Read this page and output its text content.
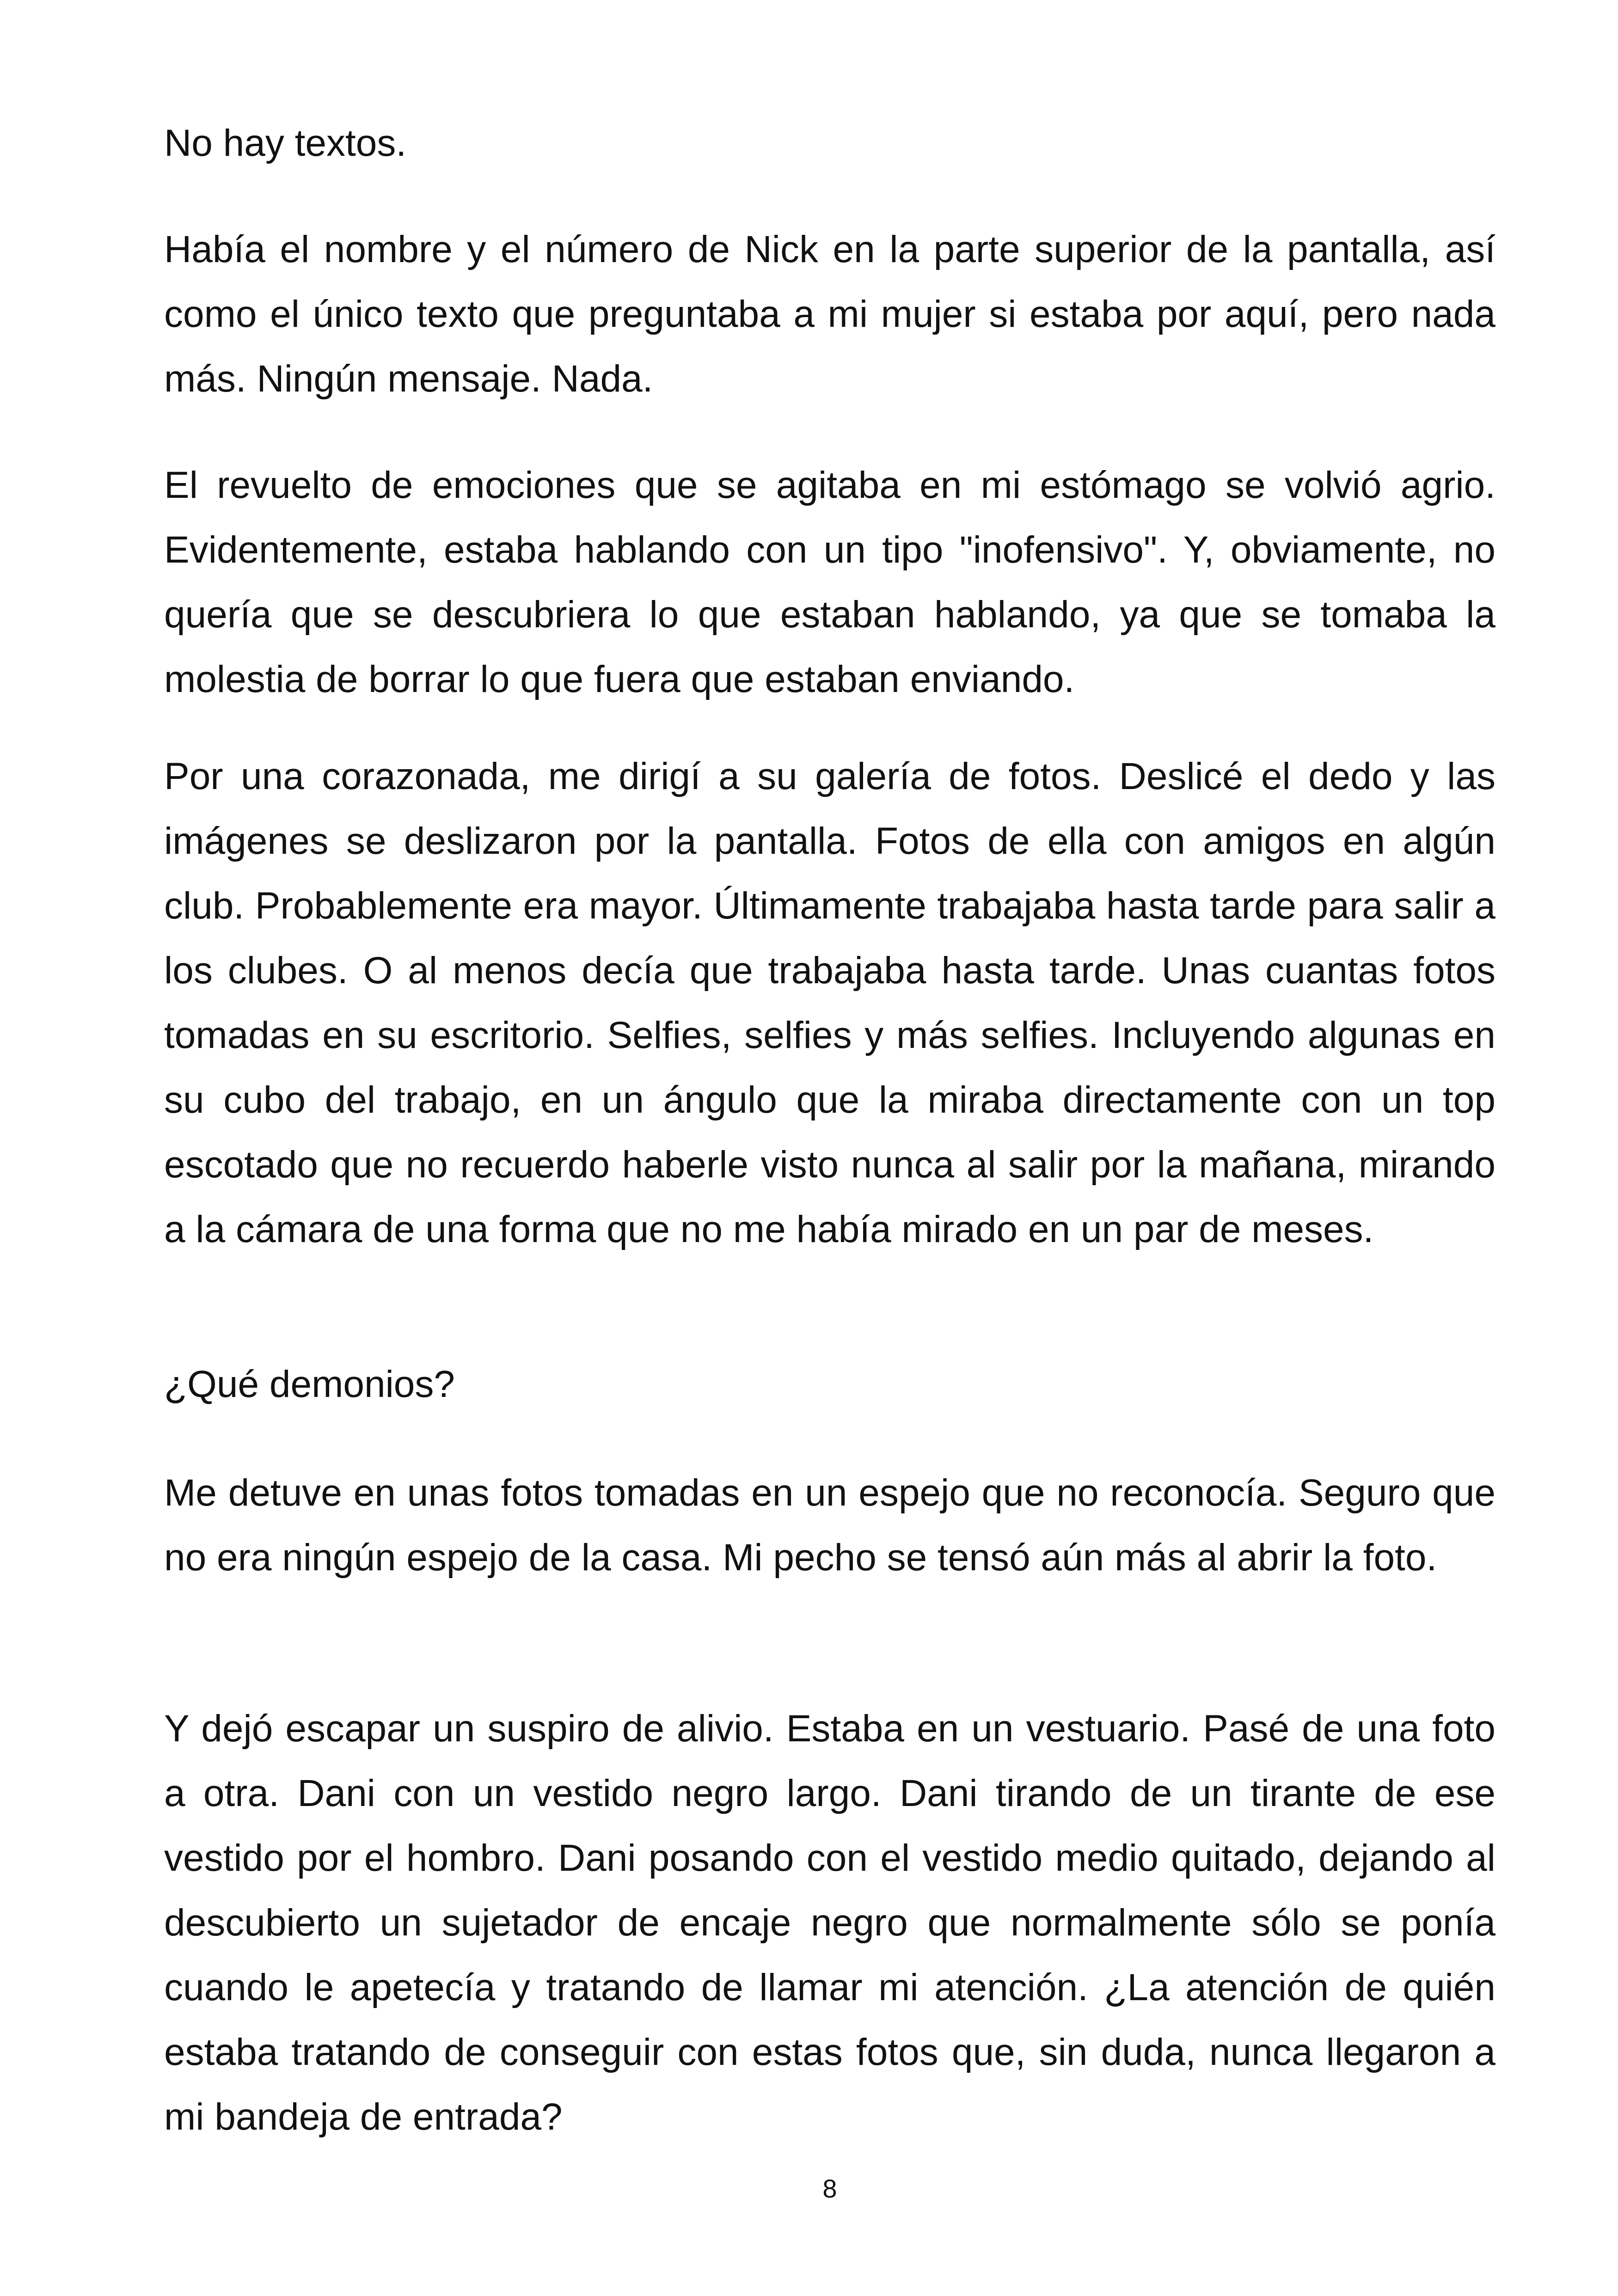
No hay textos.

Había el nombre y el número de Nick en la parte superior de la pantalla, así como el único texto que preguntaba a mi mujer si estaba por aquí, pero nada más. Ningún mensaje. Nada.

El revuelto de emociones que se agitaba en mi estómago se volvió agrio. Evidentemente, estaba hablando con un tipo "inofensivo". Y, obviamente, no quería que se descubriera lo que estaban hablando, ya que se tomaba la molestia de borrar lo que fuera que estaban enviando.

Por una corazonada, me dirigí a su galería de fotos. Deslicé el dedo y las imágenes se deslizaron por la pantalla. Fotos de ella con amigos en algún club. Probablemente era mayor. Últimamente trabajaba hasta tarde para salir a los clubes. O al menos decía que trabajaba hasta tarde. Unas cuantas fotos tomadas en su escritorio. Selfies, selfies y más selfies. Incluyendo algunas en su cubo del trabajo, en un ángulo que la miraba directamente con un top escotado que no recuerdo haberle visto nunca al salir por la mañana, mirando a la cámara de una forma que no me había mirado en un par de meses.

¿Qué demonios?

Me detuve en unas fotos tomadas en un espejo que no reconocía. Seguro que no era ningún espejo de la casa. Mi pecho se tensó aún más al abrir la foto.

Y dejó escapar un suspiro de alivio. Estaba en un vestuario. Pasé de una foto a otra. Dani con un vestido negro largo. Dani tirando de un tirante de ese vestido por el hombro. Dani posando con el vestido medio quitado, dejando al descubierto un sujetador de encaje negro que normalmente sólo se ponía cuando le apetecía y tratando de llamar mi atención. ¿La atención de quién estaba tratando de conseguir con estas fotos que, sin duda, nunca llegaron a mi bandeja de entrada?

8
